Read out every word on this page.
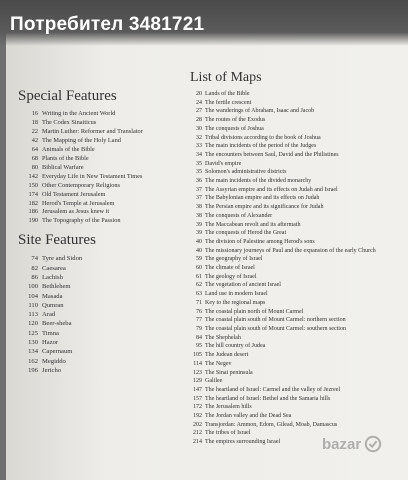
Потребител 3481721
Special Features
16 Writing in the Ancient World
18 The Codex Sinaiticus
22 Martin Luther: Reformer and Translator
42 The Mapping of the Holy Land
64 Animals of the Bible
68 Plants of the Bible
80 Biblical Warfare
142 Everyday Life in New Testament Times
150 Other Contemporary Religions
174 Old Testament Jerusalem
182 Herod's Temple at Jerusalem
186 Jerusalem as Jesus knew it
190 The Topography of the Passion
Site Features
74 Tyre and Sidon
82 Caesarea
86 Lachish
100 Bethlehem
104 Masada
110 Qumran
113 Arad
120 Beer-sheba
125 Timna
130 Hazor
134 Capernaum
162 Megiddo
196 Jericho
List of Maps
20 Lands of the Bible
24 The fertile crescent
27 The wanderings of Abraham, Isaac and Jacob
28 The routes of the Exodus
30 The conquests of Joshua
32 Tribal divisions according to the book of Joshua
33 The main incidents of the period of the Judges
34 The encounters between Saul, David and the Philistines
35 David's empire
35 Solomon's administrative districts
36 The main incidents of the divided monarchy
37 The Assyrian empire and its effects on Judah and Israel
37 The Babylonian empire and its effects on Judah
38 The Persian empire and its significance for Judah
38 The conquests of Alexander
39 The Maccabean revolt and its aftermath
39 The conquests of Herod the Great
40 The division of Palestine among Herod's sons
40 The missionary journeys of Paul and the expansion of the early Church
59 The geography of Israel
60 The climate of Israel
61 The geology of Israel
62 The vegetation of ancient Israel
63 Land use in modern Israel
71 Key to the regional maps
76 The coastal plain north of Mount Carmel
77 The coastal plain south of Mount Carmel: northern section
79 The coastal plain south of Mount Carmel: southern section
84 The Shephelah
95 The hill country of Judea
105 The Judean desert
114 The Negev
123 The Sinai peninsula
129 Galilee
147 The heartland of Israel: Carmel and the valley of Jezreel
157 The heartland of Israel: Bethel and the Samaria hills
172 The Jerusalem hills
192 The Jordan valley and the Dead Sea
202 Transjordan: Ammon, Edom, Gilead, Moab, Damascus
212 The tribes of Israel
214 The empires surrounding Israel	bazar
